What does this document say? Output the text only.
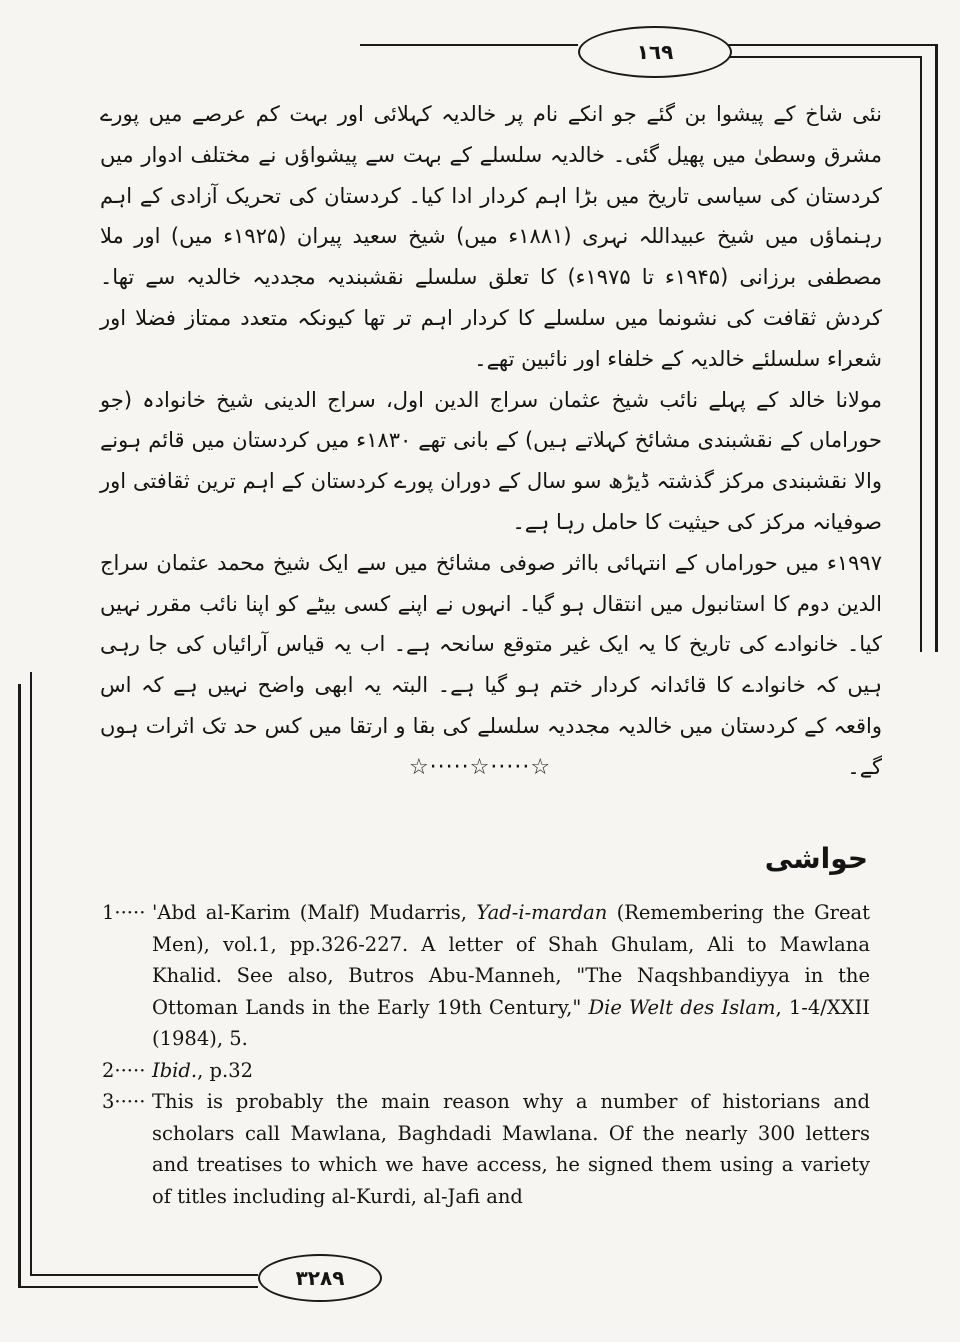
١٦٩
٣٢٨٩

نئی شاخ کے پیشوا بن گئے جو انکے نام پر خالدیہ کہلائی اور بہت کم عرصے میں پورے مشرق وسطیٰ میں پھیل گئی۔ خالدیہ سلسلے کے بہت سے پیشواؤں نے مختلف ادوار میں کردستان کی سیاسی تاریخ میں بڑا اہم کردار ادا کیا۔ کردستان کی تحریک آزادی کے اہم رہنماؤں میں شیخ عبیداللہ نہری (۱۸۸۱ء میں) شیخ سعید پیران (۱۹۲۵ء میں) اور ملا مصطفی برزانی (۱۹۴۵ء تا ۱۹۷۵ء) کا تعلق سلسلے نقشبندیہ مجددیہ خالدیہ سے تھا۔ کردش ثقافت کی نشونما میں سلسلے کا کردار اہم تر تھا کیونکہ متعدد ممتاز فضلا اور شعراء سلسلئے خالدیہ کے خلفاء اور نائبین تھے۔

مولانا خالد کے پہلے نائب شیخ عثمان سراج الدین اول، سراج الدینی شیخ خانوادہ (جو حوراماں کے نقشبندی مشائخ کہلاتے ہیں) کے بانی تھے ۱۸۳۰ء میں کردستان میں قائم ہونے والا نقشبندی مرکز گذشتہ ڈیڑھ سو سال کے دوران پورے کردستان کے اہم ترین ثقافتی اور صوفیانہ مرکز کی حیثیت کا حامل رہا ہے۔

۱۹۹۷ء میں حوراماں کے انتہائی بااثر صوفی مشائخ میں سے ایک شیخ محمد عثمان سراج الدین دوم کا استانبول میں انتقال ہو گیا۔ انہوں نے اپنے کسی بیٹے کو اپنا نائب مقرر نہیں کیا۔ خانوادے کی تاریخ کا یہ ایک غیر متوقع سانحہ ہے۔ اب یہ قیاس آرائیاں کی جا رہی ہیں کہ خانوادے کا قائدانہ کردار ختم ہو گیا ہے۔ البتہ یہ ابھی واضح نہیں ہے کہ اس واقعہ کے کردستان میں خالدیہ مجددیہ سلسلے کی بقا و ارتقا میں کس حد تک اثرات ہوں گے۔

☆·····☆·····☆
حواشی

1····· 'Abd al-Karim (Malf) Mudarris, Yad-i-mardan (Remembering the Great Men), vol.1, pp.326-227. A letter of Shah Ghulam, Ali to Mawlana Khalid. See also, Butros Abu-Manneh, "The Naqshbandiyya in the Ottoman Lands in the Early 19th Century," Die Welt des Islam, 1-4/XXII (1984), 5.

2····· Ibid., p.32

3····· This is probably the main reason why a number of historians and scholars call Mawlana, Baghdadi Mawlana. Of the nearly 300 letters and treatises to which we have access, he signed them using a variety of titles including al-Kurdi, al-Jafi and
